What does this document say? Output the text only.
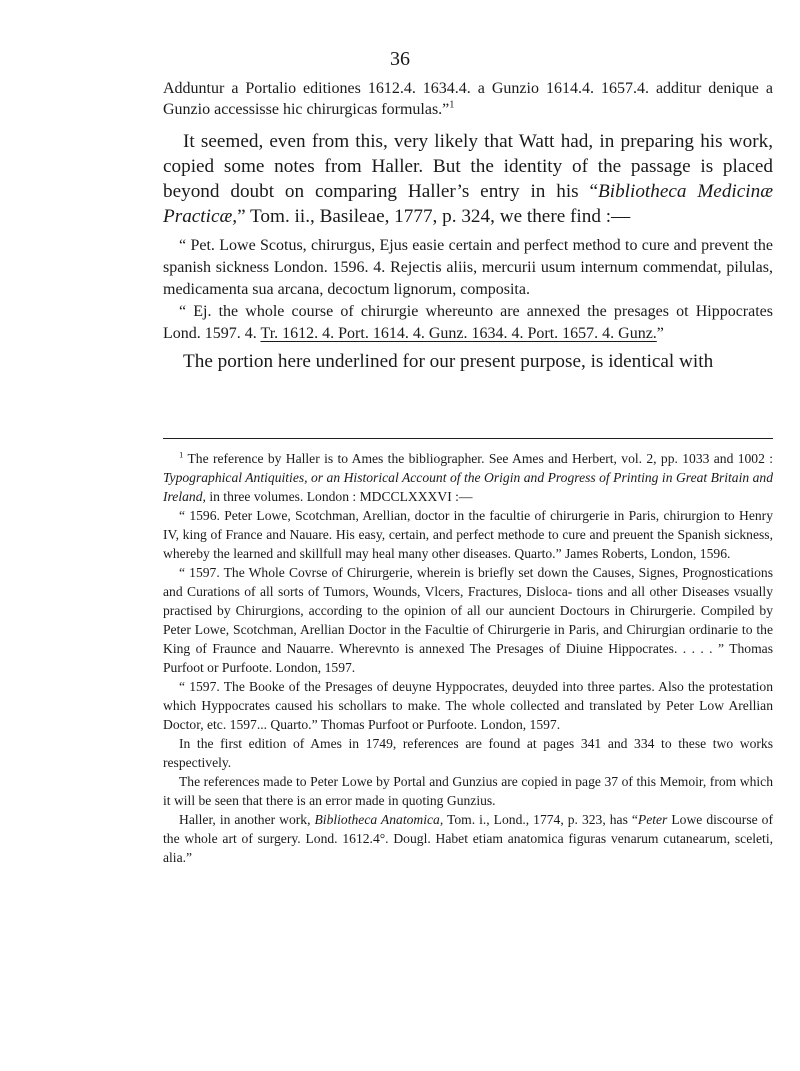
36

Adduntur a Portalio editiones 1612.4. 1634.4. a Gunzio 1614.4. 1657.4. additur denique a Gunzio accessisse hic chirurgicas formulas.”$^1$

It seemed, even from this, very likely that Watt had, in preparing his work, copied some notes from Haller. But the identity of the passage is placed beyond doubt on comparing Haller’s entry in his “Bibliotheca Medicinæ Practicæ,” Tom. ii., Basileae, 1777, p. 324, we there find :—

“ Pet. Lowe Scotus, chirurgus, Ejus easie certain and perfect method to cure and prevent the spanish sickness London. 1596. 4. Rejectis aliis, mercurii usum internum commendat, pilulas, medicamenta sua arcana, decoctum lignorum, composita.

“ Ej. the whole course of chirurgie whereunto are annexed the presages ot Hippocrates Lond. 1597. 4. Tr. 1612. 4. Port. 1614. 4. Gunz. 1634. 4. Port. 1657. 4. Gunz.”

The portion here underlined for our present purpose, is identical with

$^1$ The reference by Haller is to Ames the bibliographer. See Ames and Herbert, vol. 2, pp. 1033 and 1002 : Typographical Antiquities, or an Historical Account of the Origin and Progress of Printing in Great Britain and Ireland, in three volumes. London : MDCCLXXXVI :—

“ 1596. Peter Lowe, Scotchman, Arellian, doctor in the facultie of chirurgerie in Paris, chirurgion to Henry IV, king of France and Nauare. His easy, certain, and perfect methode to cure and preuent the Spanish sickness, whereby the learned and skillfull may heal many other diseases. Quarto.” James Roberts, London, 1596.

“ 1597. The Whole Covrse of Chirurgerie, wherein is briefly set down the Causes, Signes, Prognostications and Curations of all sorts of Tumors, Wounds, Vlcers, Fractures, Disloca- tions and all other Diseases vsually practised by Chirurgions, according to the opinion of all our auncient Doctours in Chirurgerie. Compiled by Peter Lowe, Scotchman, Arellian Doctor in the Facultie of Chirurgerie in Paris, and Chirurgian ordinarie to the King of Fraunce and Nauarre. Wherevnto is annexed The Presages of Diuine Hippocrates. . . . . ” Thomas Purfoot or Purfoote. London, 1597.

“ 1597. The Booke of the Presages of deuyne Hyppocrates, deuyded into three partes. Also the protestation which Hyppocrates caused his schollars to make. The whole collected and translated by Peter Low Arellian Doctor, etc. 1597... Quarto.” Thomas Purfoot or Purfoote. London, 1597.

In the first edition of Ames in 1749, references are found at pages 341 and 334 to these two works respectively.

The references made to Peter Lowe by Portal and Gunzius are copied in page 37 of this Memoir, from which it will be seen that there is an error made in quoting Gunzius.

Haller, in another work, Bibliotheca Anatomica, Tom. i., Lond., 1774, p. 323, has “Peter Lowe discourse of the whole art of surgery. Lond. 1612.4°. Dougl. Habet etiam anatomica figuras venarum cutanearum, sceleti, alia.”
